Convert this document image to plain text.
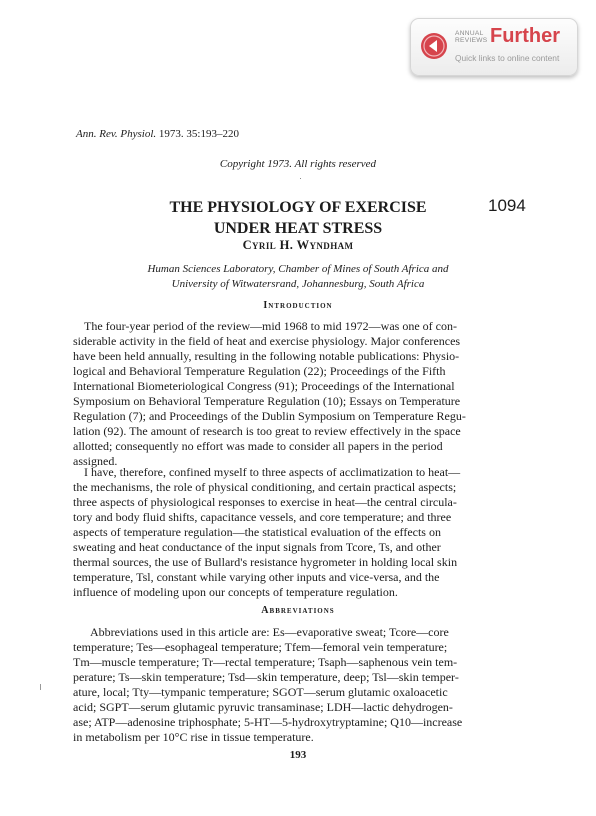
ANNUAL
REVIEWS Further
Quick links to online content
Ann. Rev. Physiol. 1973. 35:193–220
Copyright 1973. All rights reserved
THE PHYSIOLOGY OF EXERCISE
UNDER HEAT STRESS
1094
Cyril H. Wyndham
Human Sciences Laboratory, Chamber of Mines of South Africa and
University of Witwatersrand, Johannesburg, South Africa
Introduction
The four-year period of the review—mid 1968 to mid 1972—was one of con-
siderable activity in the field of heat and exercise physiology. Major conferences
have been held annually, resulting in the following notable publications: Physio-
logical and Behavioral Temperature Regulation (22); Proceedings of the Fifth
International Biometeriological Congress (91); Proceedings of the International
Symposium on Behavioral Temperature Regulation (10); Essays on Temperature
Regulation (7); and Proceedings of the Dublin Symposium on Temperature Regu-
lation (92). The amount of research is too great to review effectively in the space
allotted; consequently no effort was made to consider all papers in the period
assigned.
I have, therefore, confined myself to three aspects of acclimatization to heat—
the mechanisms, the role of physical conditioning, and certain practical aspects;
three aspects of physiological responses to exercise in heat—the central circula-
tory and body fluid shifts, capacitance vessels, and core temperature; and three
aspects of temperature regulation—the statistical evaluation of the effects on
sweating and heat conductance of the input signals from Tcore, Ts, and other
thermal sources, the use of Bullard's resistance hygrometer in holding local skin
temperature, Tsl, constant while varying other inputs and vice-versa, and the
influence of modeling upon our concepts of temperature regulation.
Abbreviations
Abbreviations used in this article are: Es—evaporative sweat; Tcore—core
temperature; Tes—esophageal temperature; Tfem—femoral vein temperature;
Tm—muscle temperature; Tr—rectal temperature; Tsaph—saphenous vein tem-
perature; Ts—skin temperature; Tsd—skin temperature, deep; Tsl—skin temper-
ature, local; Tty—tympanic temperature; SGOT—serum glutamic oxaloacetic
acid; SGPT—serum glutamic pyruvic transaminase; LDH—lactic dehydrogen-
ase; ATP—adenosine triphosphate; 5-HT—5-hydroxytryptamine; Q10—increase
in metabolism per 10°C rise in tissue temperature.
193
